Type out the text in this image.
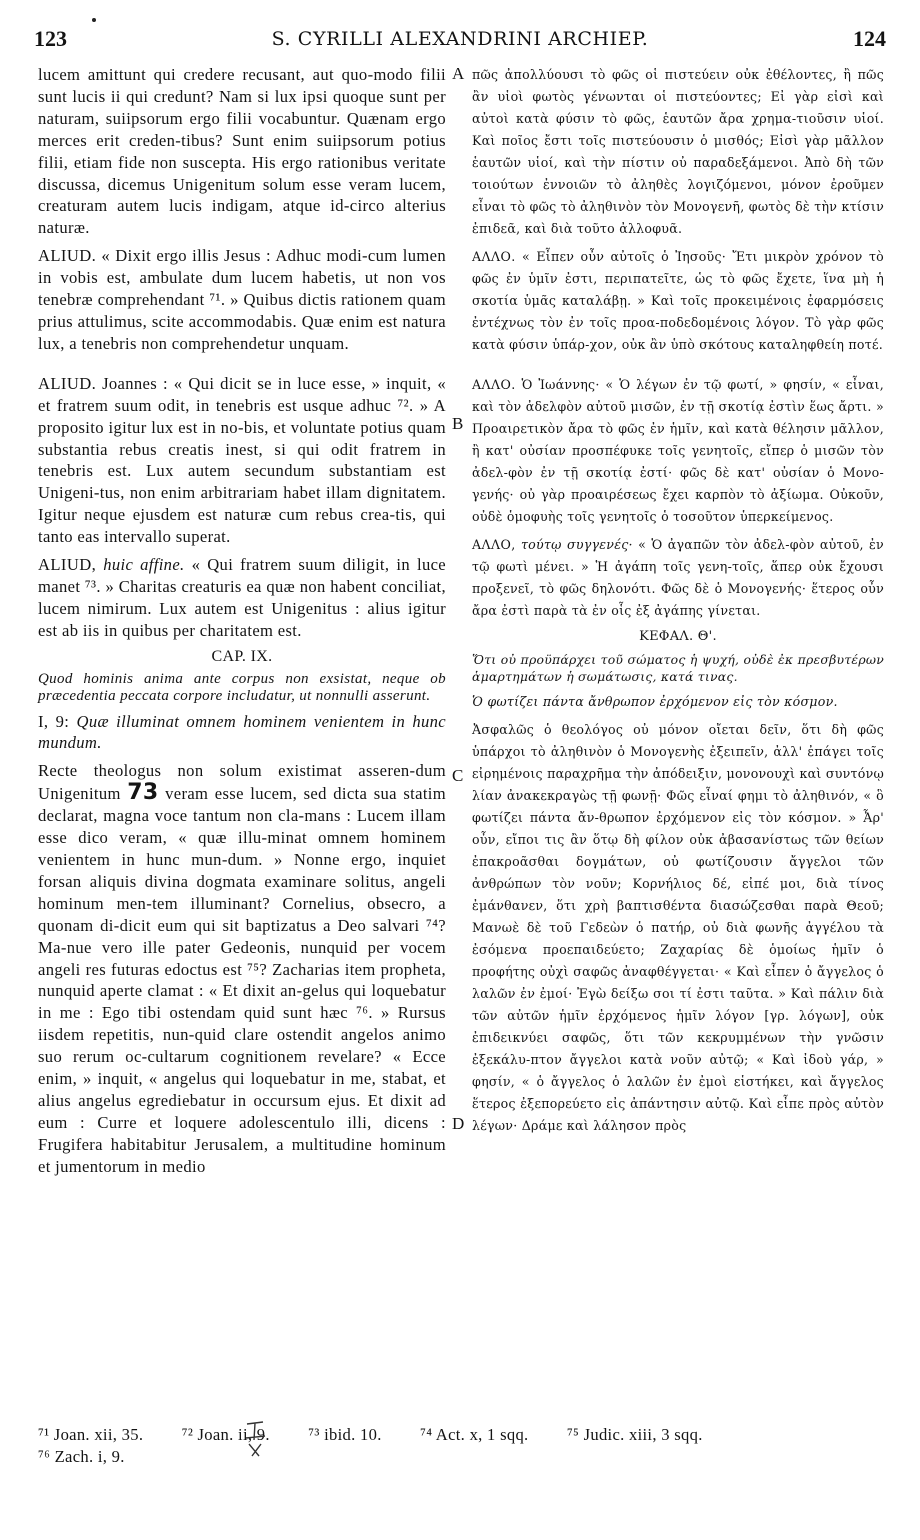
123	S. CYRILLI ALEXANDRINI ARCHIEP.	124
A
B
C
D

lucem amittunt qui credere recusant, aut quo-modo filii sunt lucis ii qui credunt? Nam si lux ipsi quoque sunt per naturam, suiipsorum ergo filii vocabuntur. Quænam ergo merces erit creden-tibus? Sunt enim suiipsorum potius filii, etiam fide non suscepta. His ergo rationibus veritate discussa, dicemus Unigenitum solum esse veram lucem, creaturam autem lucis indigam, atque id-circo alterius naturæ.

ALIUD. « Dixit ergo illis Jesus : Adhuc modi-cum lumen in vobis est, ambulate dum lucem habetis, ut non vos tenebræ comprehendant ⁷¹. » Quibus dictis rationem quam prius attulimus, scite accommodabis. Quæ enim est natura lux, a tenebris non comprehendetur unquam.

ALIUD. Joannes : « Qui dicit se in luce esse, » inquit, « et fratrem suum odit, in tenebris est usque adhuc ⁷². » A proposito igitur lux est in no-bis, et voluntate potius quam substantia rebus creatis inest, si qui odit fratrem in tenebris est. Lux autem secundum substantiam est Unigeni-tus, non enim arbitrariam habet illam dignitatem. Igitur neque ejusdem est naturæ cum rebus crea-tis, qui tanto eas intervallo superat.

ALIUD, huic affine. « Qui fratrem suum diligit, in luce manet ⁷³. » Charitas creaturis ea quæ non habent conciliat, lucem nimirum. Lux autem est Unigenitus : alius igitur est ab iis in quibus per charitatem est.

CAP. IX.

Quod hominis anima ante corpus non exsistat, neque ob præcedentia peccata corpore includatur, ut nonnulli asserunt.

I, 9: Quæ illuminat omnem hominem venientem in hunc mundum.

Recte theologus non solum existimat asseren-dum Unigenitum 73 veram esse lucem, sed dicta sua statim declarat, magna voce tantum non cla-mans : Lucem illam esse dico veram, « quæ illu-minat omnem hominem venientem in hunc mun-dum. » Nonne ergo, inquiet forsan aliquis divina dogmata examinare solitus, angeli hominum men-tem illuminant? Cornelius, obsecro, a quonam di-dicit eum qui sit baptizatus a Deo salvari ⁷⁴? Ma-nue vero ille pater Gedeonis, nunquid per vocem angeli res futuras edoctus est ⁷⁵? Zacharias item propheta, nunquid aperte clamat : « Et dixit an-gelus qui loquebatur in me : Ego tibi ostendam quid sunt hæc ⁷⁶. » Rursus iisdem repetitis, nun-quid clare ostendit angelos animo suo rerum oc-cultarum cognitionem revelare? « Ecce enim, » inquit, « angelus qui loquebatur in me, stabat, et alius angelus egrediebatur in occursum ejus. Et dixit ad eum : Curre et loquere adolescentulo illi, dicens : Frugifera habitabitur Jerusalem, a multitudine hominum et jumentorum in medio

πῶς ἀπολλύουσι τὸ φῶς οἱ πιστεύειν οὐκ ἐθέλοντες, ἢ πῶς ἂν υἱοὶ φωτὸς γένωνται οἱ πιστεύοντες; Εἰ γὰρ εἰσὶ καὶ αὐτοὶ κατὰ φύσιν τὸ φῶς, ἑαυτῶν ἄρα χρημα-τιοῦσιν υἱοί. Καὶ ποῖος ἔστι τοῖς πιστεύουσιν ὁ μισθός; Εἰσὶ γὰρ μᾶλλον ἑαυτῶν υἱοί, καὶ τὴν πίστιν οὐ παραδεξάμενοι. Ἀπὸ δὴ τῶν τοιούτων ἐννοιῶν τὸ ἀληθὲς λογιζόμενοι, μόνον ἐροῦμεν εἶναι τὸ φῶς τὸ ἀληθινὸν τὸν Μονογενῆ, φωτὸς δὲ τὴν κτίσιν ἐπιδεᾶ, καὶ διὰ τοῦτο ἀλλοφυᾶ.

ΑΛΛΟ. « Εἶπεν οὖν αὐτοῖς ὁ Ἰησοῦς· Ἔτι μικρὸν χρόνον τὸ φῶς ἐν ὑμῖν ἐστι, περιπατεῖτε, ὡς τὸ φῶς ἔχετε, ἵνα μὴ ἡ σκοτία ὑμᾶς καταλάβῃ. » Καὶ τοῖς προκειμένοις ἐφαρμόσεις ἐντέχνως τὸν ἐν τοῖς προα-ποδεδομένοις λόγον. Τὸ γὰρ φῶς κατὰ φύσιν ὑπάρ-χον, οὐκ ἂν ὑπὸ σκότους καταληφθείη ποτέ.

ΑΛΛΟ. Ὁ Ἰωάννης· « Ὁ λέγων ἐν τῷ φωτί, » φησίν, « εἶναι, καὶ τὸν ἀδελφὸν αὐτοῦ μισῶν, ἐν τῇ σκοτίᾳ ἐστὶν ἕως ἄρτι. » Προαιρετικὸν ἄρα τὸ φῶς ἐν ἡμῖν, καὶ κατὰ θέλησιν μᾶλλον, ἢ κατ' οὐσίαν προσπέφυκε τοῖς γενητοῖς, εἴπερ ὁ μισῶν τὸν ἀδελ-φὸν ἐν τῇ σκοτίᾳ ἐστί· φῶς δὲ κατ' οὐσίαν ὁ Μονο-γενής· οὐ γὰρ προαιρέσεως ἔχει καρπὸν τὸ ἀξίωμα. Οὐκοῦν, οὐδὲ ὁμοφυὴς τοῖς γενητοῖς ὁ τοσοῦτον ὑπερκείμενος.

ΑΛΛΟ, τούτῳ συγγενές· « Ὁ ἀγαπῶν τὸν ἀδελ-φὸν αὐτοῦ, ἐν τῷ φωτὶ μένει. » Ἡ ἀγάπη τοῖς γενη-τοῖς, ἅπερ οὐκ ἔχουσι προξενεῖ, τὸ φῶς δηλονότι. Φῶς δὲ ὁ Μονογενής· ἕτερος οὖν ἄρα ἐστὶ παρὰ τὰ ἐν οἷς ἐξ ἀγάπης γίνεται.

ΚΕΦΑΛ. Θ'.

Ὅτι οὐ προϋπάρχει τοῦ σώματος ἡ ψυχή, οὐδὲ ἐκ πρεσβυτέρων ἁμαρτημάτων ἡ σωμάτωσις, κατά τινας.

Ὁ φωτίζει πάντα ἄνθρωπον ἐρχόμενον εἰς τὸν κόσμον.

Ἀσφαλῶς ὁ θεολόγος οὐ μόνον οἴεται δεῖν, ὅτι δὴ φῶς ὑπάρχοι τὸ ἀληθινὸν ὁ Μονογενὴς ἐξειπεῖν, ἀλλ' ἐπάγει τοῖς εἰρημένοις παραχρῆμα τὴν ἀπόδειξιν, μονονουχὶ καὶ συντόνῳ λίαν ἀνακεκραγὼς τῇ φωνῇ· Φῶς εἶναί φημι τὸ ἀληθινόν, « ὃ φωτίζει πάντα ἄν-θρωπον ἐρχόμενον εἰς τὸν κόσμον. » Ἆρ' οὖν, εἴποι τις ἂν ὅτῳ δὴ φίλον οὐκ ἀβασανίστως τῶν θείων ἐπακροᾶσθαι δογμάτων, οὐ φωτίζουσιν ἄγγελοι τῶν ἀνθρώπων τὸν νοῦν; Κορνήλιος δέ, εἰπέ μοι, διὰ τίνος ἐμάνθανεν, ὅτι χρὴ βαπτισθέντα διασώζεσθαι παρὰ Θεοῦ; Μανωὲ δὲ τοῦ Γεδεὼν ὁ πατήρ, οὐ διὰ φωνῆς ἀγγέλου τὰ ἐσόμενα προεπαιδεύετο; Ζαχαρίας δὲ ὁμοίως ἡμῖν ὁ προφήτης οὐχὶ σαφῶς ἀναφθέγγεται· « Καὶ εἶπεν ὁ ἄγγελος ὁ λαλῶν ἐν ἐμοί· Ἐγὼ δείξω σοι τί ἐστι ταῦτα. » Καὶ πάλιν διὰ τῶν αὐτῶν ἡμῖν ἐρχόμενος ἡμῖν λόγον [γρ. λόγων], οὐκ ἐπιδεικνύει σαφῶς, ὅτι τῶν κεκρυμμένων τὴν γνῶσιν ἐξεκάλυ-πτον ἄγγελοι κατὰ νοῦν αὐτῷ; « Καὶ ἰδοὺ γάρ, » φησίν, « ὁ ἄγγελος ὁ λαλῶν ἐν ἐμοὶ εἱστήκει, καὶ ἄγγελος ἕτερος ἐξεπορεύετο εἰς ἀπάντησιν αὐτῷ. Καὶ εἶπε πρὸς αὐτὸν λέγων· Δράμε καὶ λάλησον πρὸς

⁷¹ Joan. xii, 35. ⁷² Joan. ii, 9. ⁷³ ibid. 10. ⁷⁴ Act. x, 1 sqq. ⁷⁵ Judic. xiii, 3 sqq.
⁷⁶ Zach. i, 9.
